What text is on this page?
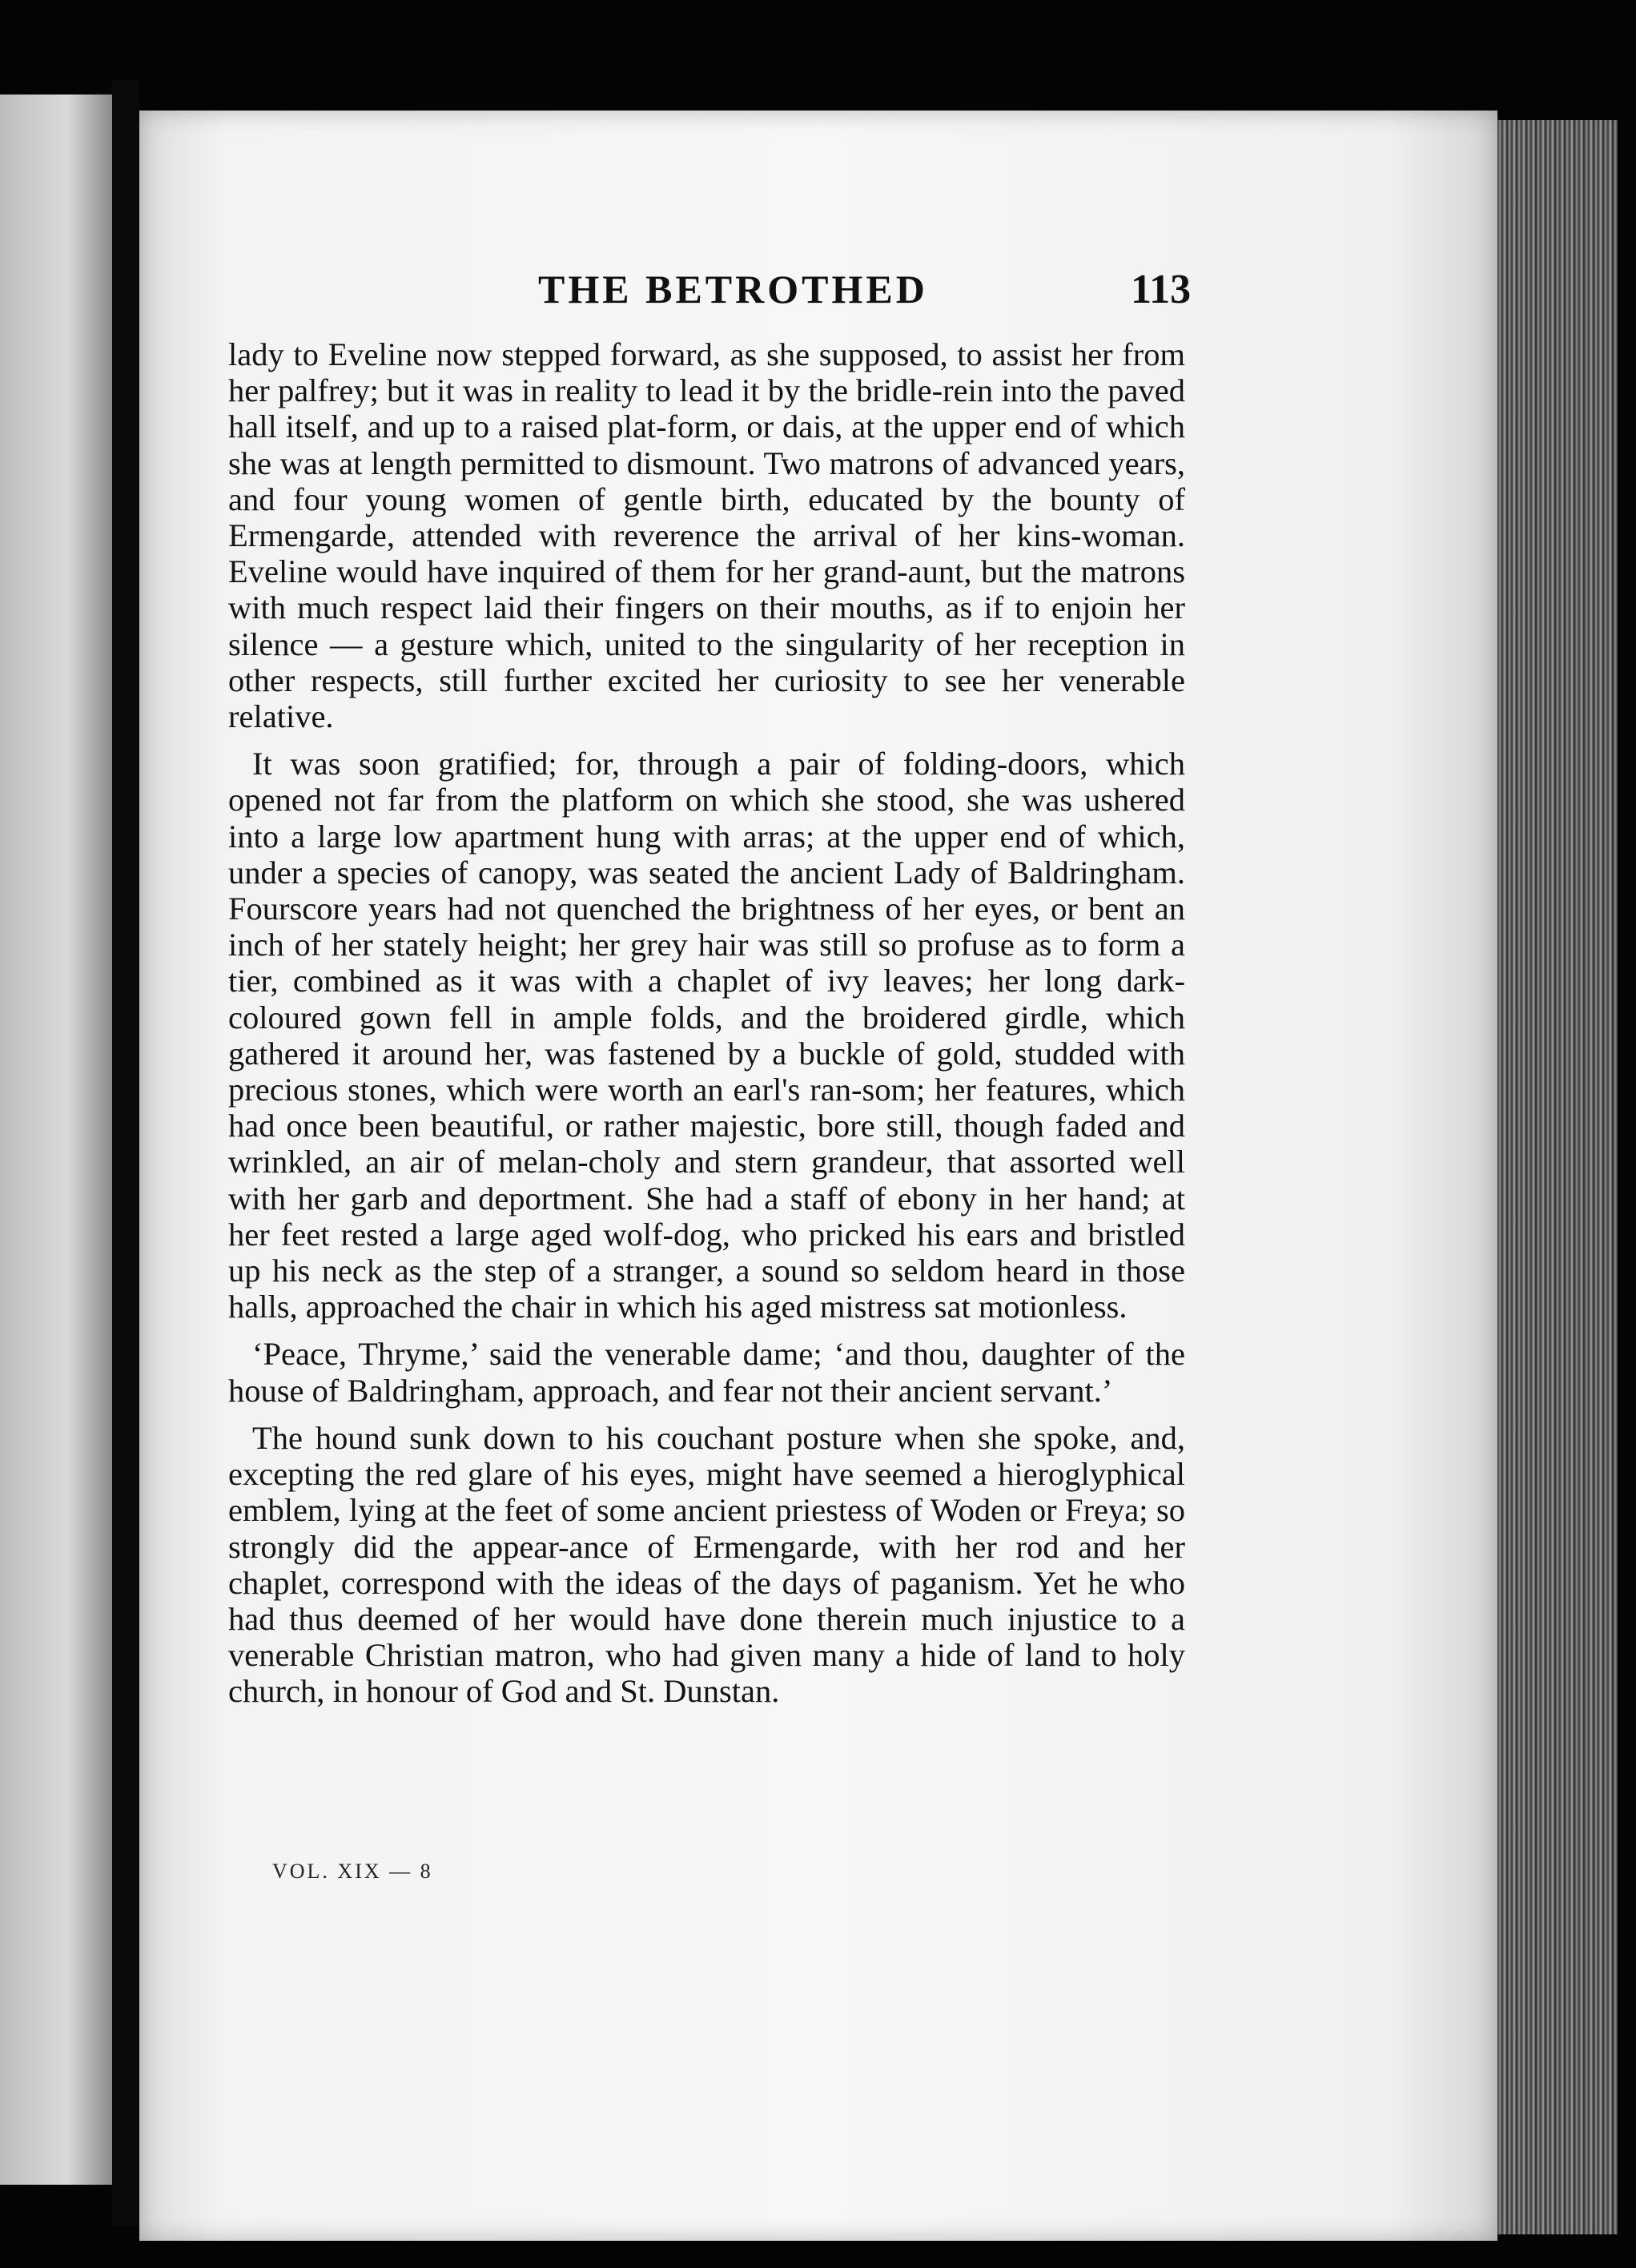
THE BETROTHED	113

lady to Eveline now stepped forward, as she supposed, to assist her from her palfrey; but it was in reality to lead it by the bridle-rein into the paved hall itself, and up to a raised plat-form, or dais, at the upper end of which she was at length permitted to dismount. Two matrons of advanced years, and four young women of gentle birth, educated by the bounty of Ermengarde, attended with reverence the arrival of her kins-woman. Eveline would have inquired of them for her grand-aunt, but the matrons with much respect laid their fingers on their mouths, as if to enjoin her silence — a gesture which, united to the singularity of her reception in other respects, still further excited her curiosity to see her venerable relative.

It was soon gratified; for, through a pair of folding-doors, which opened not far from the platform on which she stood, she was ushered into a large low apartment hung with arras; at the upper end of which, under a species of canopy, was seated the ancient Lady of Baldringham. Fourscore years had not quenched the brightness of her eyes, or bent an inch of her stately height; her grey hair was still so profuse as to form a tier, combined as it was with a chaplet of ivy leaves; her long dark-coloured gown fell in ample folds, and the broidered girdle, which gathered it around her, was fastened by a buckle of gold, studded with precious stones, which were worth an earl's ran-som; her features, which had once been beautiful, or rather majestic, bore still, though faded and wrinkled, an air of melan-choly and stern grandeur, that assorted well with her garb and deportment. She had a staff of ebony in her hand; at her feet rested a large aged wolf-dog, who pricked his ears and bristled up his neck as the step of a stranger, a sound so seldom heard in those halls, approached the chair in which his aged mistress sat motionless.

‘Peace, Thryme,’ said the venerable dame; ‘and thou, daughter of the house of Baldringham, approach, and fear not their ancient servant.’

The hound sunk down to his couchant posture when she spoke, and, excepting the red glare of his eyes, might have seemed a hieroglyphical emblem, lying at the feet of some ancient priestess of Woden or Freya; so strongly did the appear-ance of Ermengarde, with her rod and her chaplet, correspond with the ideas of the days of paganism. Yet he who had thus deemed of her would have done therein much injustice to a venerable Christian matron, who had given many a hide of land to holy church, in honour of God and St. Dunstan.

VOL. XIX — 8
